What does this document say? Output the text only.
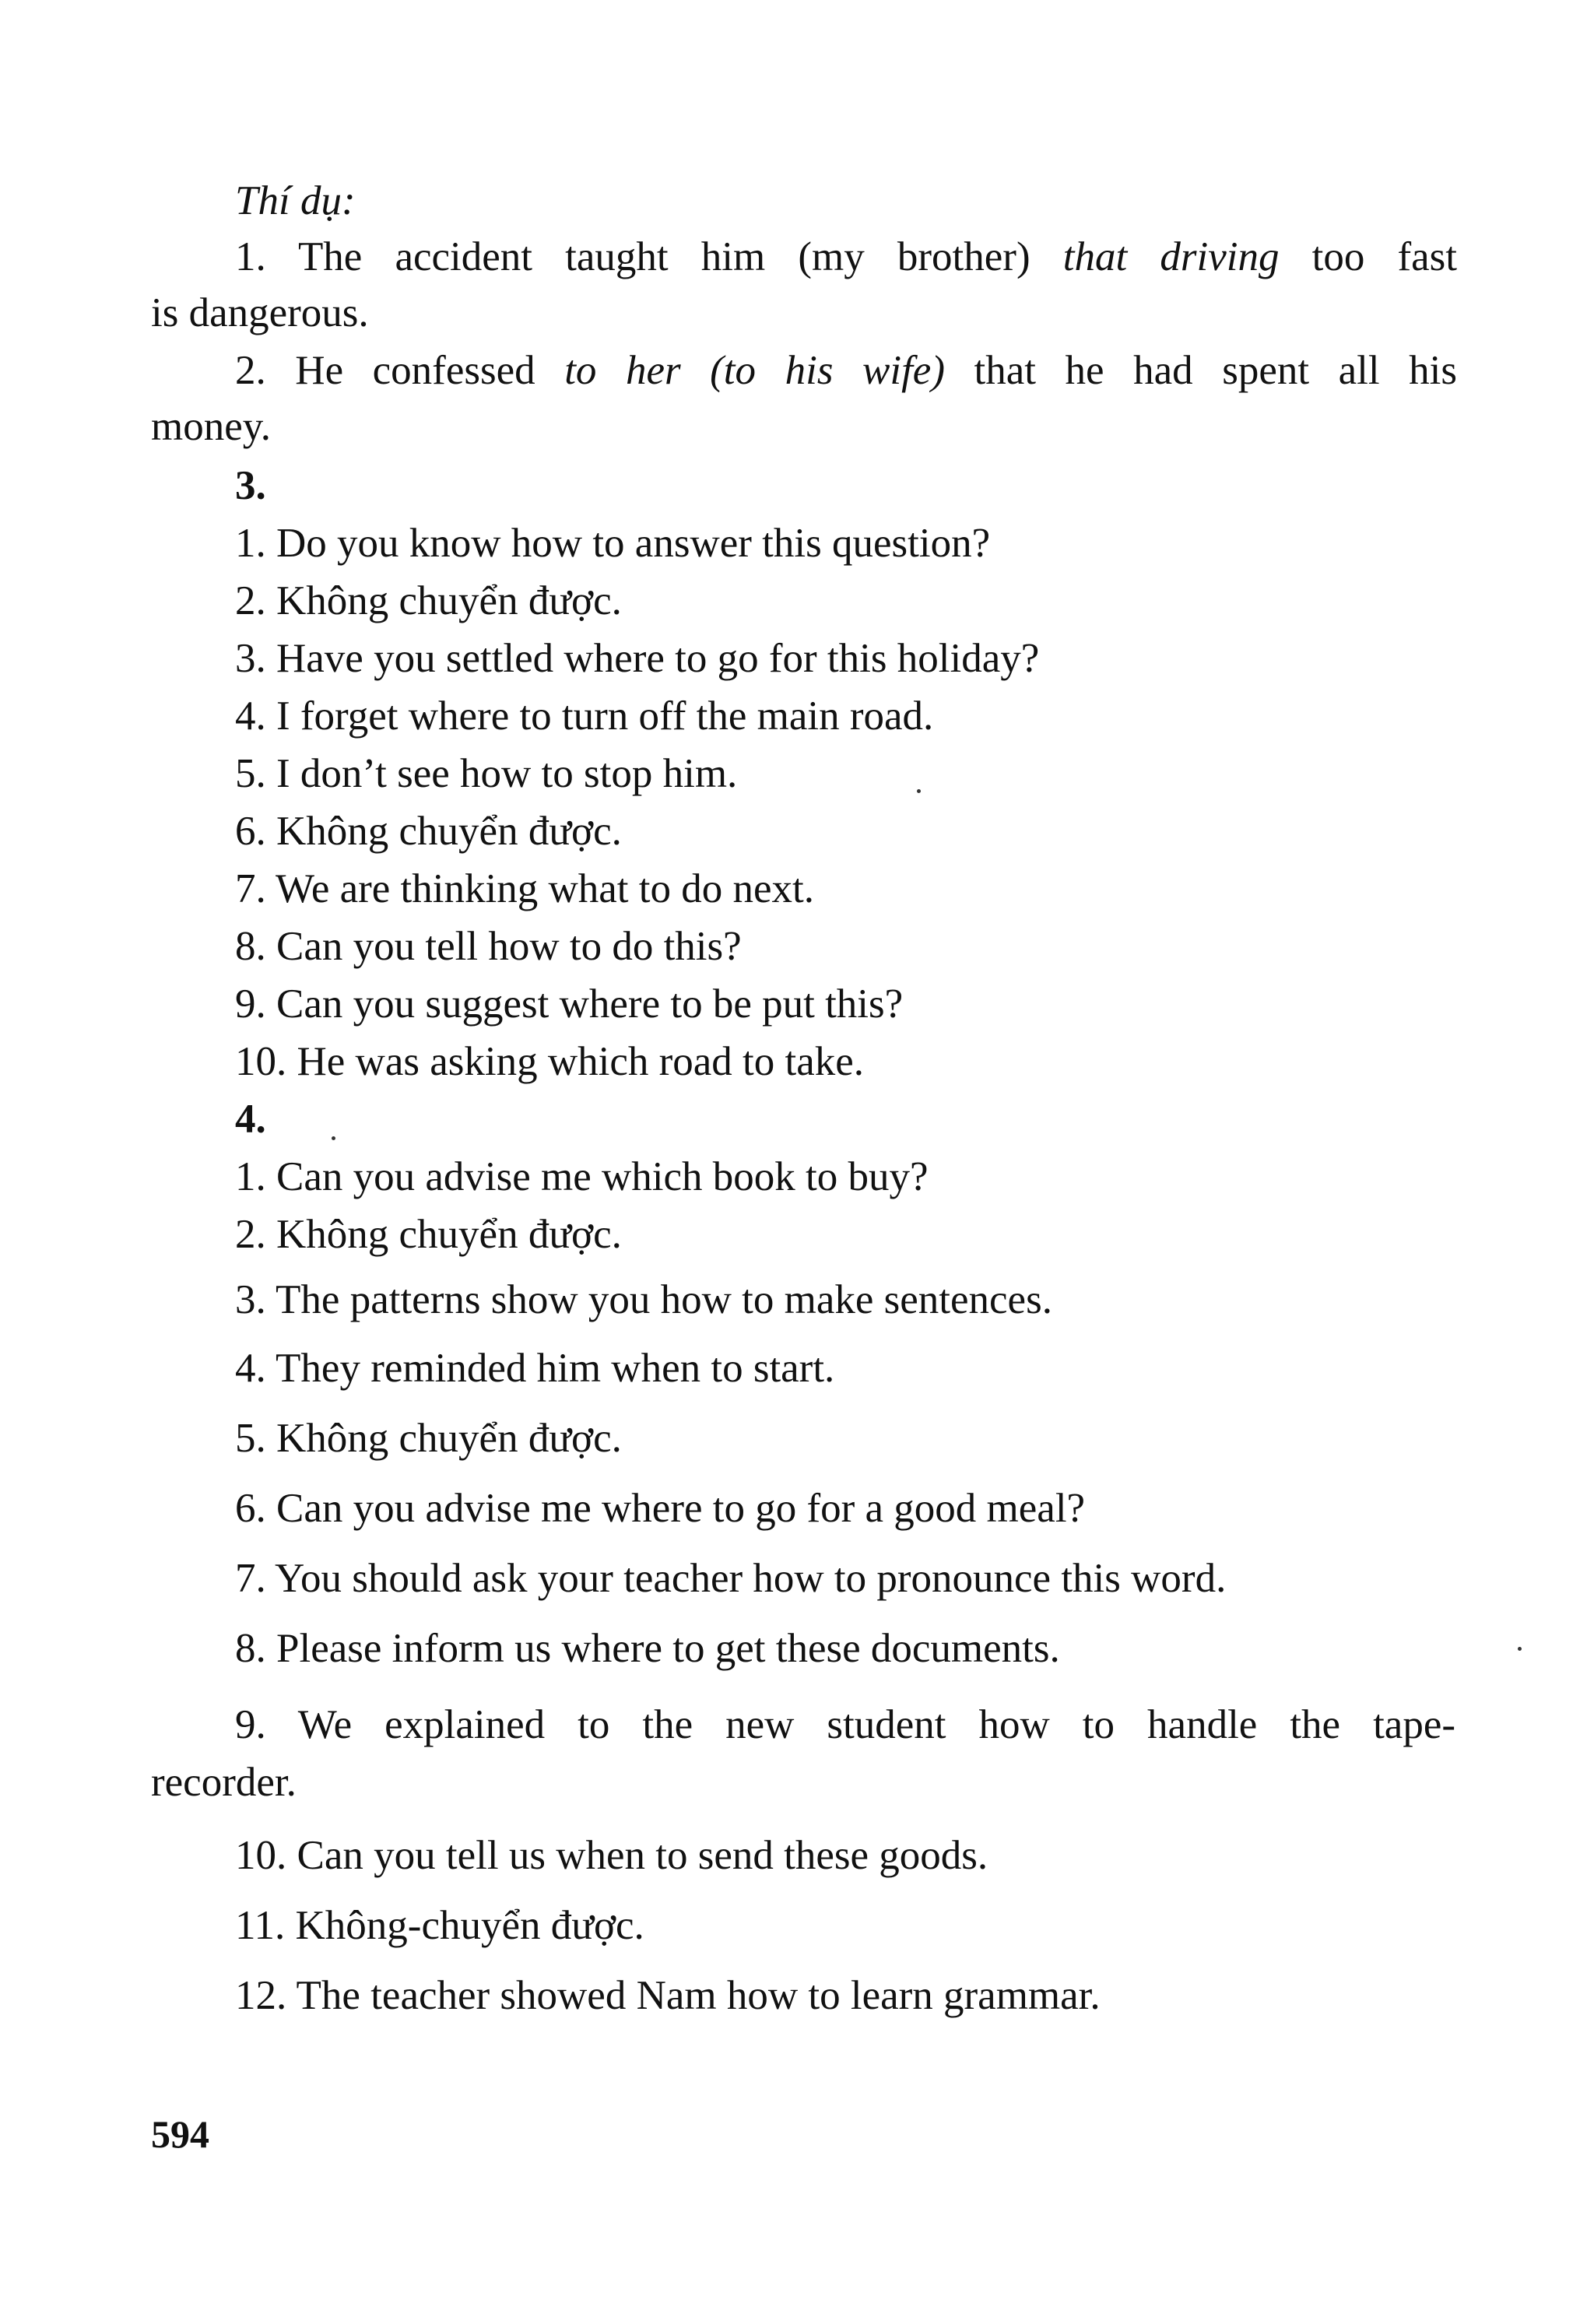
Thí dụ:

1. The accident taught him (my brother) that driving too fast

is dangerous.

2. He confessed to her (to his wife) that he had spent all his

money.

3.

1. Do you know how to answer this question?

2. Không chuyển được.

3. Have you settled where to go for this holiday?

4. I forget where to turn off the main road.

5. I don’t see how to stop him.

6. Không chuyển được.

7. We are thinking what to do next.

8. Can you tell how to do this?

9. Can you suggest where to be put this?

10. He was asking which road to take.

4.

1. Can you advise me which book to buy?

2. Không chuyển được.

3. The patterns show you how to make sentences.

4. They reminded him when to start.

5. Không chuyển được.

6. Can you advise me where to go for a good meal?

7. You should ask your teacher how to pronounce this word.

8. Please inform us where to get these documents.

9. We explained to the new student how to handle the tape-

recorder.

10. Can you tell us when to send these goods.

11. Không-chuyển được.

12. The teacher showed Nam how to learn grammar.

594
